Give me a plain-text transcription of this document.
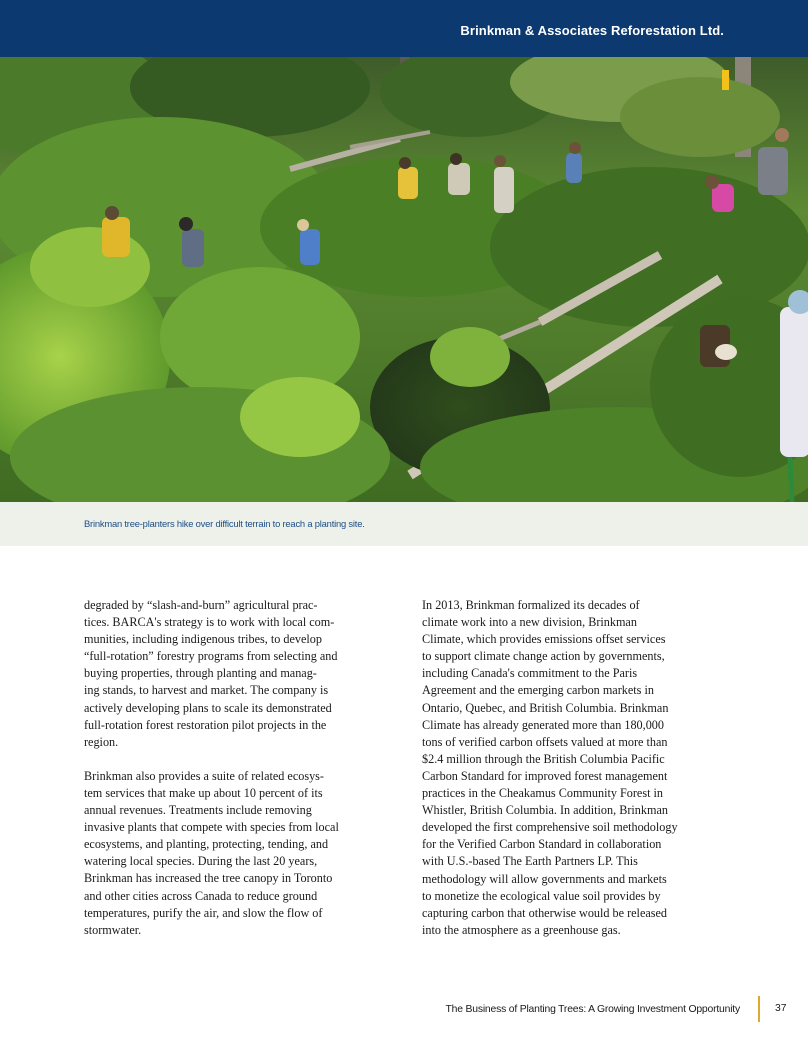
Brinkman & Associates Reforestation Ltd.
Brinkman tree-planters hike over difficult terrain to reach a planting site.

degraded by “slash-and-burn” agricultural prac-
tices. BARCA's strategy is to work with local com-
munities, including indigenous tribes, to develop
“full-rotation” forestry programs from selecting and
buying properties, through planting and manag-
ing stands, to harvest and market. The company is
actively developing plans to scale its demonstrated
full-rotation forest restoration pilot projects in the
region.

Brinkman also provides a suite of related ecosys-
tem services that make up about 10 percent of its
annual revenues. Treatments include removing
invasive plants that compete with species from local
ecosystems, and planting, protecting, tending, and
watering local species. During the last 20 years,
Brinkman has increased the tree canopy in Toronto
and other cities across Canada to reduce ground
temperatures, purify the air, and slow the flow of
stormwater.

In 2013, Brinkman formalized its decades of
climate work into a new division, Brinkman
Climate, which provides emissions offset services
to support climate change action by governments,
including Canada's commitment to the Paris
Agreement and the emerging carbon markets in
Ontario, Quebec, and British Columbia. Brinkman
Climate has already generated more than 180,000
tons of verified carbon offsets valued at more than
$2.4 million through the British Columbia Pacific
Carbon Standard for improved forest management
practices in the Cheakamus Community Forest in
Whistler, British Columbia. In addition, Brinkman
developed the first comprehensive soil methodology
for the Verified Carbon Standard in collaboration
with U.S.-based The Earth Partners LP. This
methodology will allow governments and markets
to monetize the ecological value soil provides by
capturing carbon that otherwise would be released
into the atmosphere as a greenhouse gas.

The Business of Planting Trees: A Growing Investment Opportunity	37
